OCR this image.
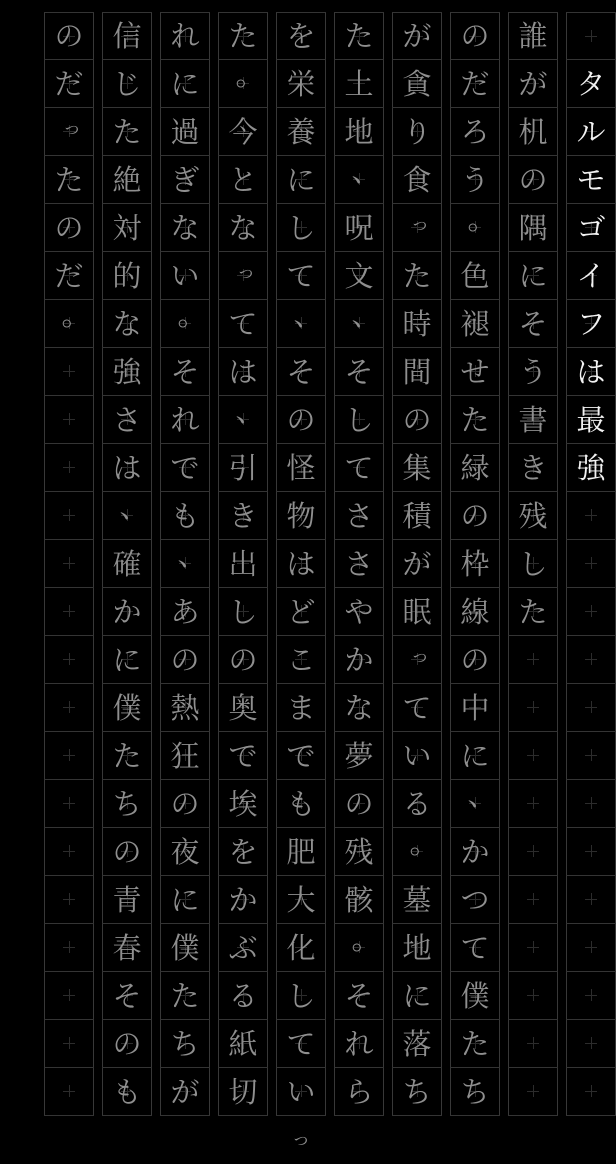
タ
ル
モ
ゴ
イ
フ
は
最
強
誰
が
机
の
隅
に
そ
う
書
き
残
し
た
の
だ
ろ
う
。
色
褪
せ
た
緑
の
枠
線
の
中
に
、
か
つ
て
僕
た
ち
が
貪
り
食
っ
た
時
間
の
集
積
が
眠
っ
て
い
る
。
墓
地
に
落
ち
た
土
地
、
呪
文
、
そ
し
て
さ
さ
や
か
な
夢
の
残
骸
。
そ
れ
ら
を
栄
養
に
し
て
、
そ
の
怪
物
は
ど
こ
ま
で
も
肥
大
化
し
て
い
た
。
今
と
な
っ
て
は
、
引
き
出
し
の
奥
で
埃
を
か
ぶ
る
紙
切
れ
に
過
ぎ
な
い
。
そ
れ
で
も
、
あ
の
熱
狂
の
夜
に
僕
た
ち
が
信
じ
た
絶
対
的
な
強
さ
は
、
確
か
に
僕
た
ち
の
青
春
そ
の
も
の
だ
っ
た
の
だ
。
っ
